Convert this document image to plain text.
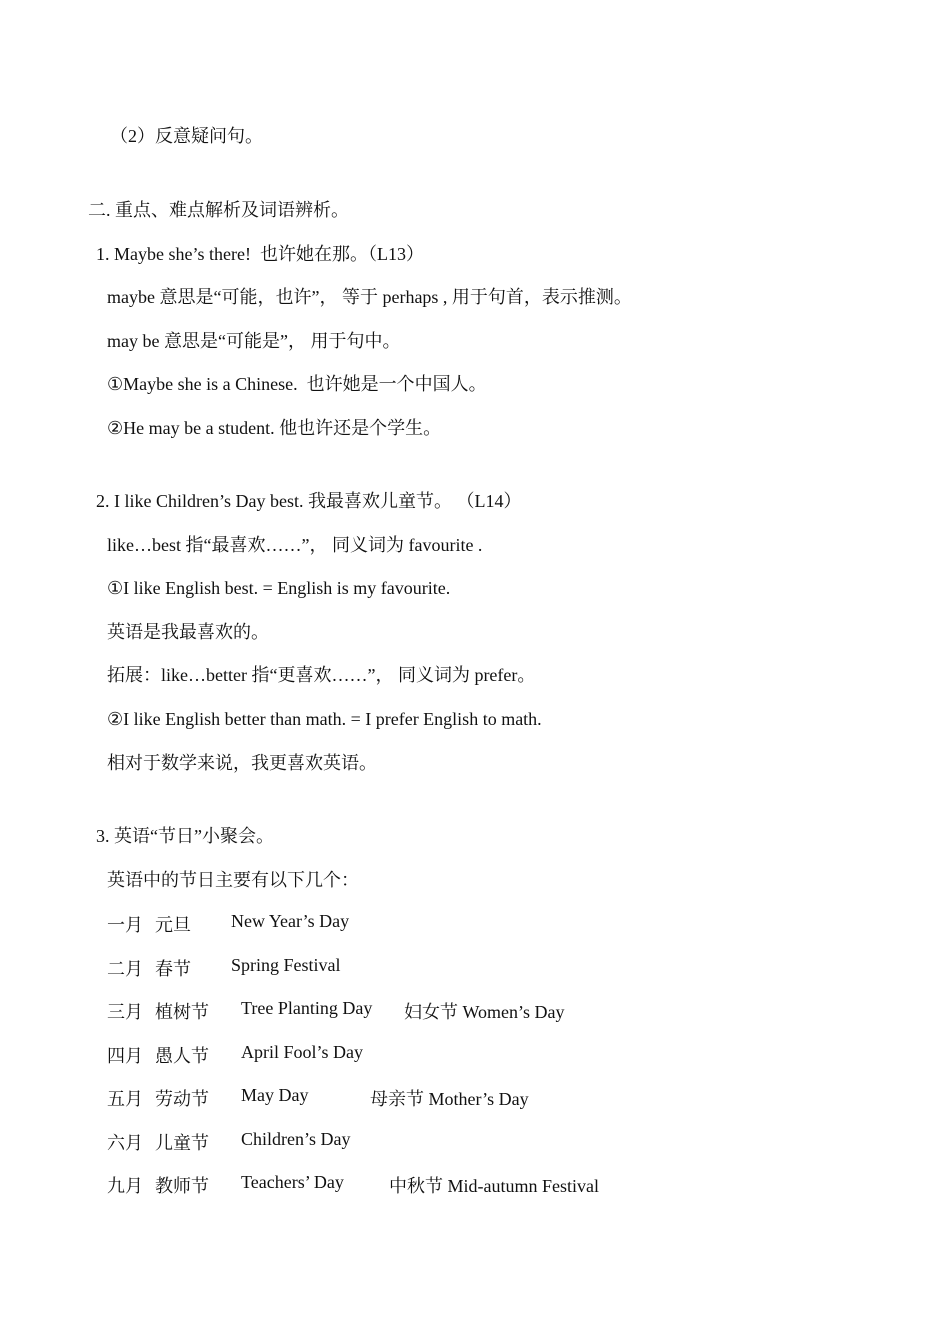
（2）反意疑问句。
二. 重点、难点解析及词语辨析。
1. Maybe she’s there!  也许她在那。（L13）
maybe 意思是“可能，也许”， 等于 perhaps , 用于句首，表示推测。
may be 意思是“可能是”， 用于句中。
①Maybe she is a Chinese.  也许她是一个中国人。
②He may be a student. 他也许还是个学生。
2. I like Children’s Day best. 我最喜欢儿童节。 （L14）
like…best 指“最喜欢……”， 同义词为 favourite .
①I like English best. = English is my favourite.
英语是我最喜欢的。
拓展：like…better 指“更喜欢……”， 同义词为 prefer。
②I like English better than math. = I prefer English to math.
相对于数学来说，我更喜欢英语。
3. 英语“节日”小聚会。
英语中的节日主要有以下几个：
一月 元旦 New Year’s Day
二月 春节 Spring Festival
三月 植树节 Tree Planting Day 妇女节 Women’s Day
四月 愚人节 April Fool’s Day
五月 劳动节 May Day	母亲节 Mother’s Day
六月 儿童节 Children’s Day
九月 教师节 Teachers’ Day	中秋节 Mid-autumn Festival
